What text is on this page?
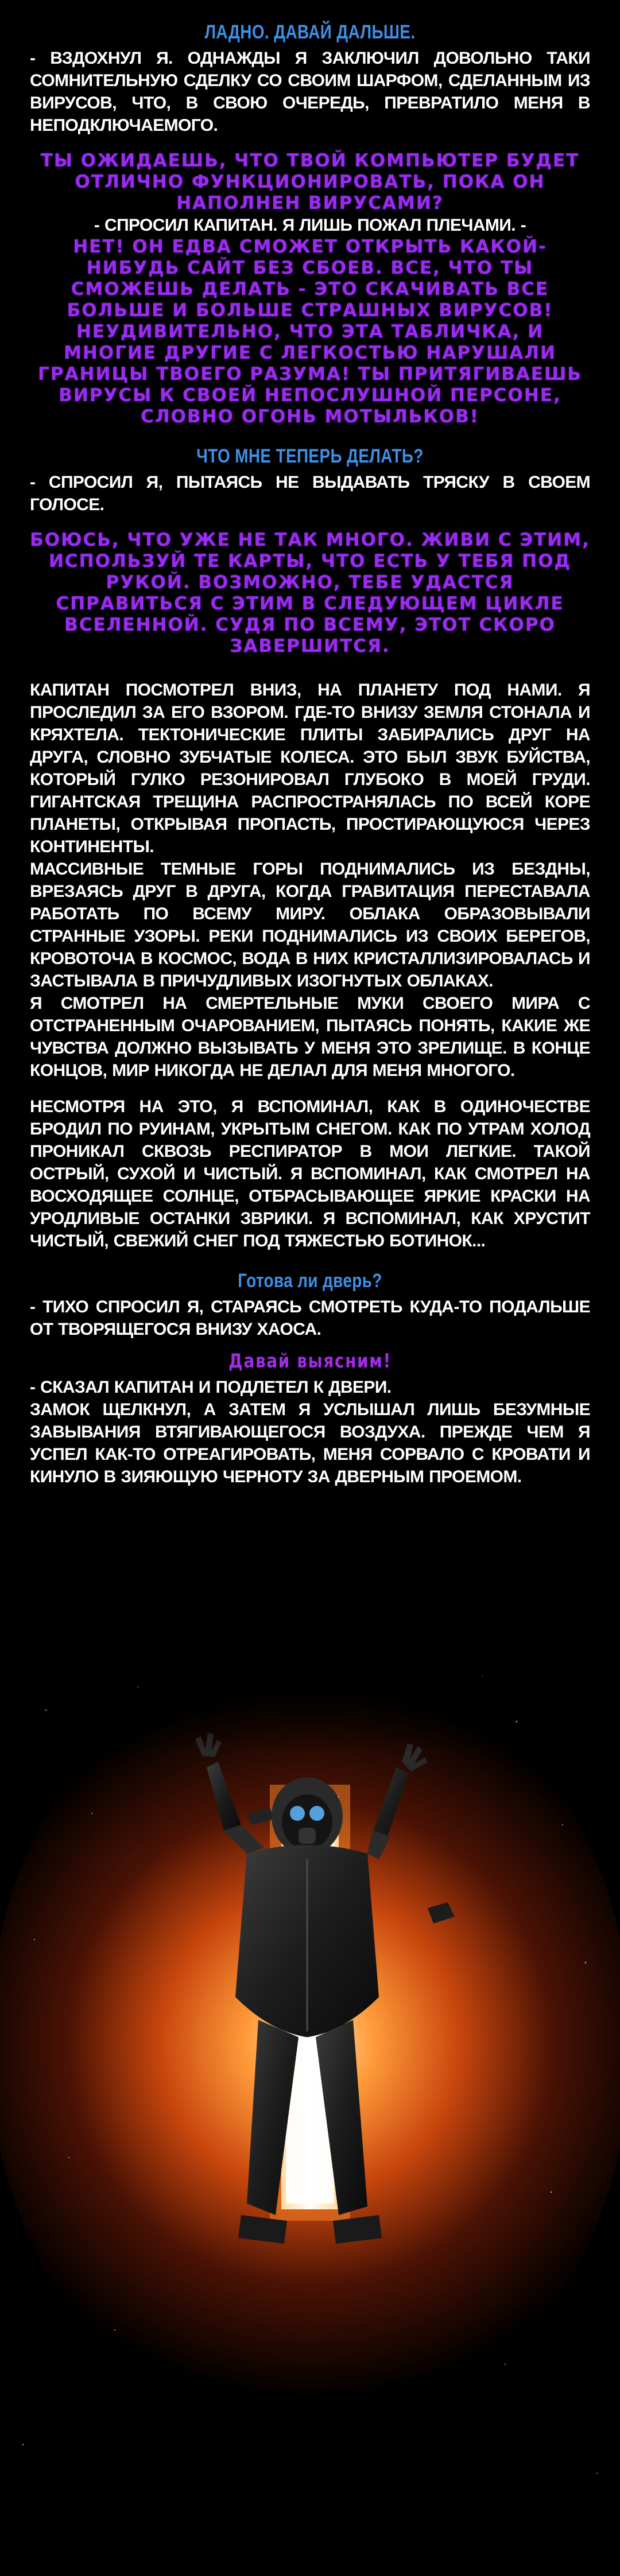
ЛАДНО. ДАВАЙ ДАЛЬШЕ.

- ВЗДОХНУЛ Я. ОДНАЖДЫ Я ЗАКЛЮЧИЛ ДОВОЛЬНО ТАКИ СОМНИТЕЛЬНУЮ СДЕЛКУ СО СВОИМ ШАРФОМ, СДЕЛАННЫМ ИЗ ВИРУСОВ, ЧТО, В СВОЮ ОЧЕРЕДЬ, ПРЕВРАТИЛО МЕНЯ В НЕПОДКЛЮЧАЕМОГО.

ТЫ ОЖИДАЕШЬ, ЧТО ТВОЙ КОМПЬЮТЕР БУДЕТ ОТЛИЧНО ФУНКЦИОНИРОВАТЬ, ПОКА ОН НАПОЛНЕН ВИРУСАМИ?

- СПРОСИЛ КАПИТАН. Я ЛИШЬ ПОЖАЛ ПЛЕЧАМИ. -

НЕТ! ОН ЕДВА СМОЖЕТ ОТКРЫТЬ КАКОЙ-НИБУДЬ САЙТ БЕЗ СБОЕВ. ВСЕ, ЧТО ТЫ СМОЖЕШЬ ДЕЛАТЬ - ЭТО СКАЧИВАТЬ ВСЕ БОЛЬШЕ И БОЛЬШЕ СТРАШНЫХ ВИРУСОВ! НЕУДИВИТЕЛЬНО, ЧТО ЭТА ТАБЛИЧКА, И МНОГИЕ ДРУГИЕ С ЛЕГКОСТЬЮ НАРУШАЛИ ГРАНИЦЫ ТВОЕГО РАЗУМА! ТЫ ПРИТЯГИВАЕШЬ ВИРУСЫ К СВОЕЙ НЕПОСЛУШНОЙ ПЕРСОНЕ, СЛОВНО ОГОНЬ МОТЫЛЬКОВ!

ЧТО МНЕ ТЕПЕРЬ ДЕЛАТЬ?

- СПРОСИЛ Я, ПЫТАЯСЬ НЕ ВЫДАВАТЬ ТРЯСКУ В СВОЕМ ГОЛОСЕ.

БОЮСЬ, ЧТО УЖЕ НЕ ТАК МНОГО. ЖИВИ С ЭТИМ, ИСПОЛЬЗУЙ ТЕ КАРТЫ, ЧТО ЕСТЬ У ТЕБЯ ПОД РУКОЙ. ВОЗМОЖНО, ТЕБЕ УДАСТСЯ СПРАВИТЬСЯ С ЭТИМ В СЛЕДУЮЩЕМ ЦИКЛЕ ВСЕЛЕННОЙ. СУДЯ ПО ВСЕМУ, ЭТОТ СКОРО ЗАВЕРШИТСЯ.

КАПИТАН ПОСМОТРЕЛ ВНИЗ, НА ПЛАНЕТУ ПОД НАМИ. Я ПРОСЛЕДИЛ ЗА ЕГО ВЗОРОМ. ГДЕ-ТО ВНИЗУ ЗЕМЛЯ СТОНАЛА И КРЯХТЕЛА. ТЕКТОНИЧЕСКИЕ ПЛИТЫ ЗАБИРАЛИСЬ ДРУГ НА ДРУГА, СЛОВНО ЗУБЧАТЫЕ КОЛЕСА. ЭТО БЫЛ ЗВУК БУЙСТВА, КОТОРЫЙ ГУЛКО РЕЗОНИРОВАЛ ГЛУБОКО В МОЕЙ ГРУДИ. ГИГАНТСКАЯ ТРЕЩИНА РАСПРОСТРАНЯЛАСЬ ПО ВСЕЙ КОРЕ ПЛАНЕТЫ, ОТКРЫВАЯ ПРОПАСТЬ, ПРОСТИРАЮЩУЮСЯ ЧЕРЕЗ КОНТИНЕНТЫ.

МАССИВНЫЕ ТЕМНЫЕ ГОРЫ ПОДНИМАЛИСЬ ИЗ БЕЗДНЫ, ВРЕЗАЯСЬ ДРУГ В ДРУГА, КОГДА ГРАВИТАЦИЯ ПЕРЕСТАВАЛА РАБОТАТЬ ПО ВСЕМУ МИРУ. ОБЛАКА ОБРАЗОВЫВАЛИ СТРАННЫЕ УЗОРЫ. РЕКИ ПОДНИМАЛИСЬ ИЗ СВОИХ БЕРЕГОВ, КРОВОТОЧА В КОСМОС, ВОДА В НИХ КРИСТАЛЛИЗИРОВАЛАСЬ И ЗАСТЫВАЛА В ПРИЧУДЛИВЫХ ИЗОГНУТЫХ ОБЛАКАХ.

Я СМОТРЕЛ НА СМЕРТЕЛЬНЫЕ МУКИ СВОЕГО МИРА С ОТСТРАНЕННЫМ ОЧАРОВАНИЕМ, ПЫТАЯСЬ ПОНЯТЬ, КАКИЕ ЖЕ ЧУВСТВА ДОЛЖНО ВЫЗЫВАТЬ У МЕНЯ ЭТО ЗРЕЛИЩЕ. В КОНЦЕ КОНЦОВ, МИР НИКОГДА НЕ ДЕЛАЛ ДЛЯ МЕНЯ МНОГОГО.

НЕСМОТРЯ НА ЭТО, Я ВСПОМИНАЛ, КАК В ОДИНОЧЕСТВЕ БРОДИЛ ПО РУИНАМ, УКРЫТЫМ СНЕГОМ. КАК ПО УТРАМ ХОЛОД ПРОНИКАЛ СКВОЗЬ РЕСПИРАТОР В МОИ ЛЕГКИЕ. ТАКОЙ ОСТРЫЙ, СУХОЙ И ЧИСТЫЙ. Я ВСПОМИНАЛ, КАК СМОТРЕЛ НА ВОСХОДЯЩЕЕ СОЛНЦЕ, ОТБРАСЫВАЮЩЕЕ ЯРКИЕ КРАСКИ НА УРОДЛИВЫЕ ОСТАНКИ ЗВРИКИ. Я ВСПОМИНАЛ, КАК ХРУСТИТ ЧИСТЫЙ, СВЕЖИЙ СНЕГ ПОД ТЯЖЕСТЬЮ БОТИНОК...

Готова ли дверь?

- ТИХО СПРОСИЛ Я, СТАРАЯСЬ СМОТРЕТЬ КУДА-ТО ПОДАЛЬШЕ ОТ ТВОРЯЩЕГОСЯ ВНИЗУ ХАОСА.

Давай выясним!

- СКАЗАЛ КАПИТАН И ПОДЛЕТЕЛ К ДВЕРИ.

ЗАМОК ЩЕЛКНУЛ, А ЗАТЕМ Я УСЛЫШАЛ ЛИШЬ БЕЗУМНЫЕ ЗАВЫВАНИЯ ВТЯГИВАЮЩЕГОСЯ ВОЗДУХА. ПРЕЖДЕ ЧЕМ Я УСПЕЛ КАК-ТО ОТРЕАГИРОВАТЬ, МЕНЯ СОРВАЛО С КРОВАТИ И КИНУЛО В ЗИЯЮЩУЮ ЧЕРНОТУ ЗА ДВЕРНЫМ ПРОЕМОМ.
